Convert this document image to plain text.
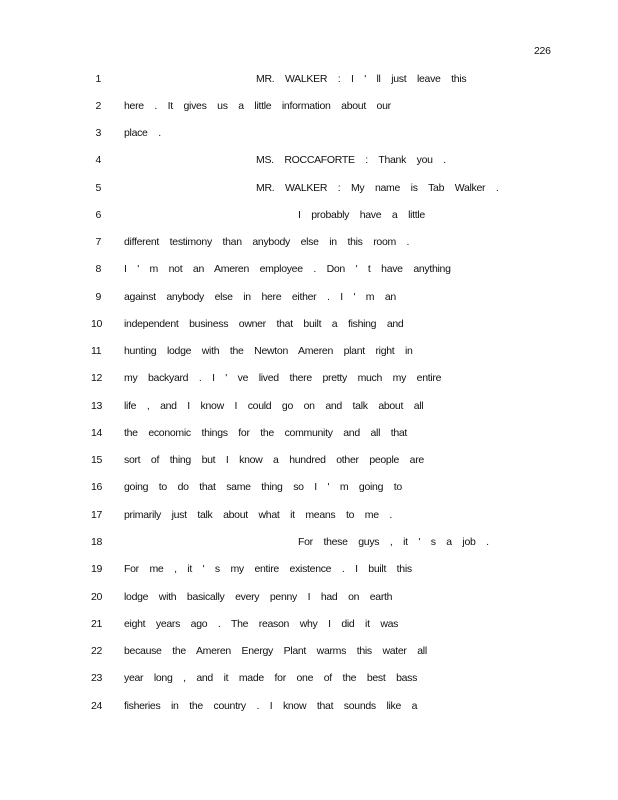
226
1	MR. WALKER : I ' ll just leave this
2 here . It gives us a little information about our
3 place .
4	MS. ROCCAFORTE : Thank you .
5	MR. WALKER : My name is Tab Walker .
6	I probably have a little
7 different testimony than anybody else in this room .
8 I ' m not an Ameren employee . Don ' t have anything
9 against anybody else in here either . I ' m an
10 independent business owner that built a fishing and
11 hunting lodge with the Newton Ameren plant right in
12 my backyard . I ' ve lived there pretty much my entire
13 life , and I know I could go on and talk about all
14 the economic things for the community and all that
15 sort of thing but I know a hundred other people are
16 going to do that same thing so I ' m going to
17 primarily just talk about what it means to me .
18	For these guys , it ' s a job .
19 For me , it ' s my entire existence . I built this
20 lodge with basically every penny I had on earth
21 eight years ago . The reason why I did it was
22 because the Ameren Energy Plant warms this water all
23 year long , and it made for one of the best bass
24 fisheries in the country . I know that sounds like a
